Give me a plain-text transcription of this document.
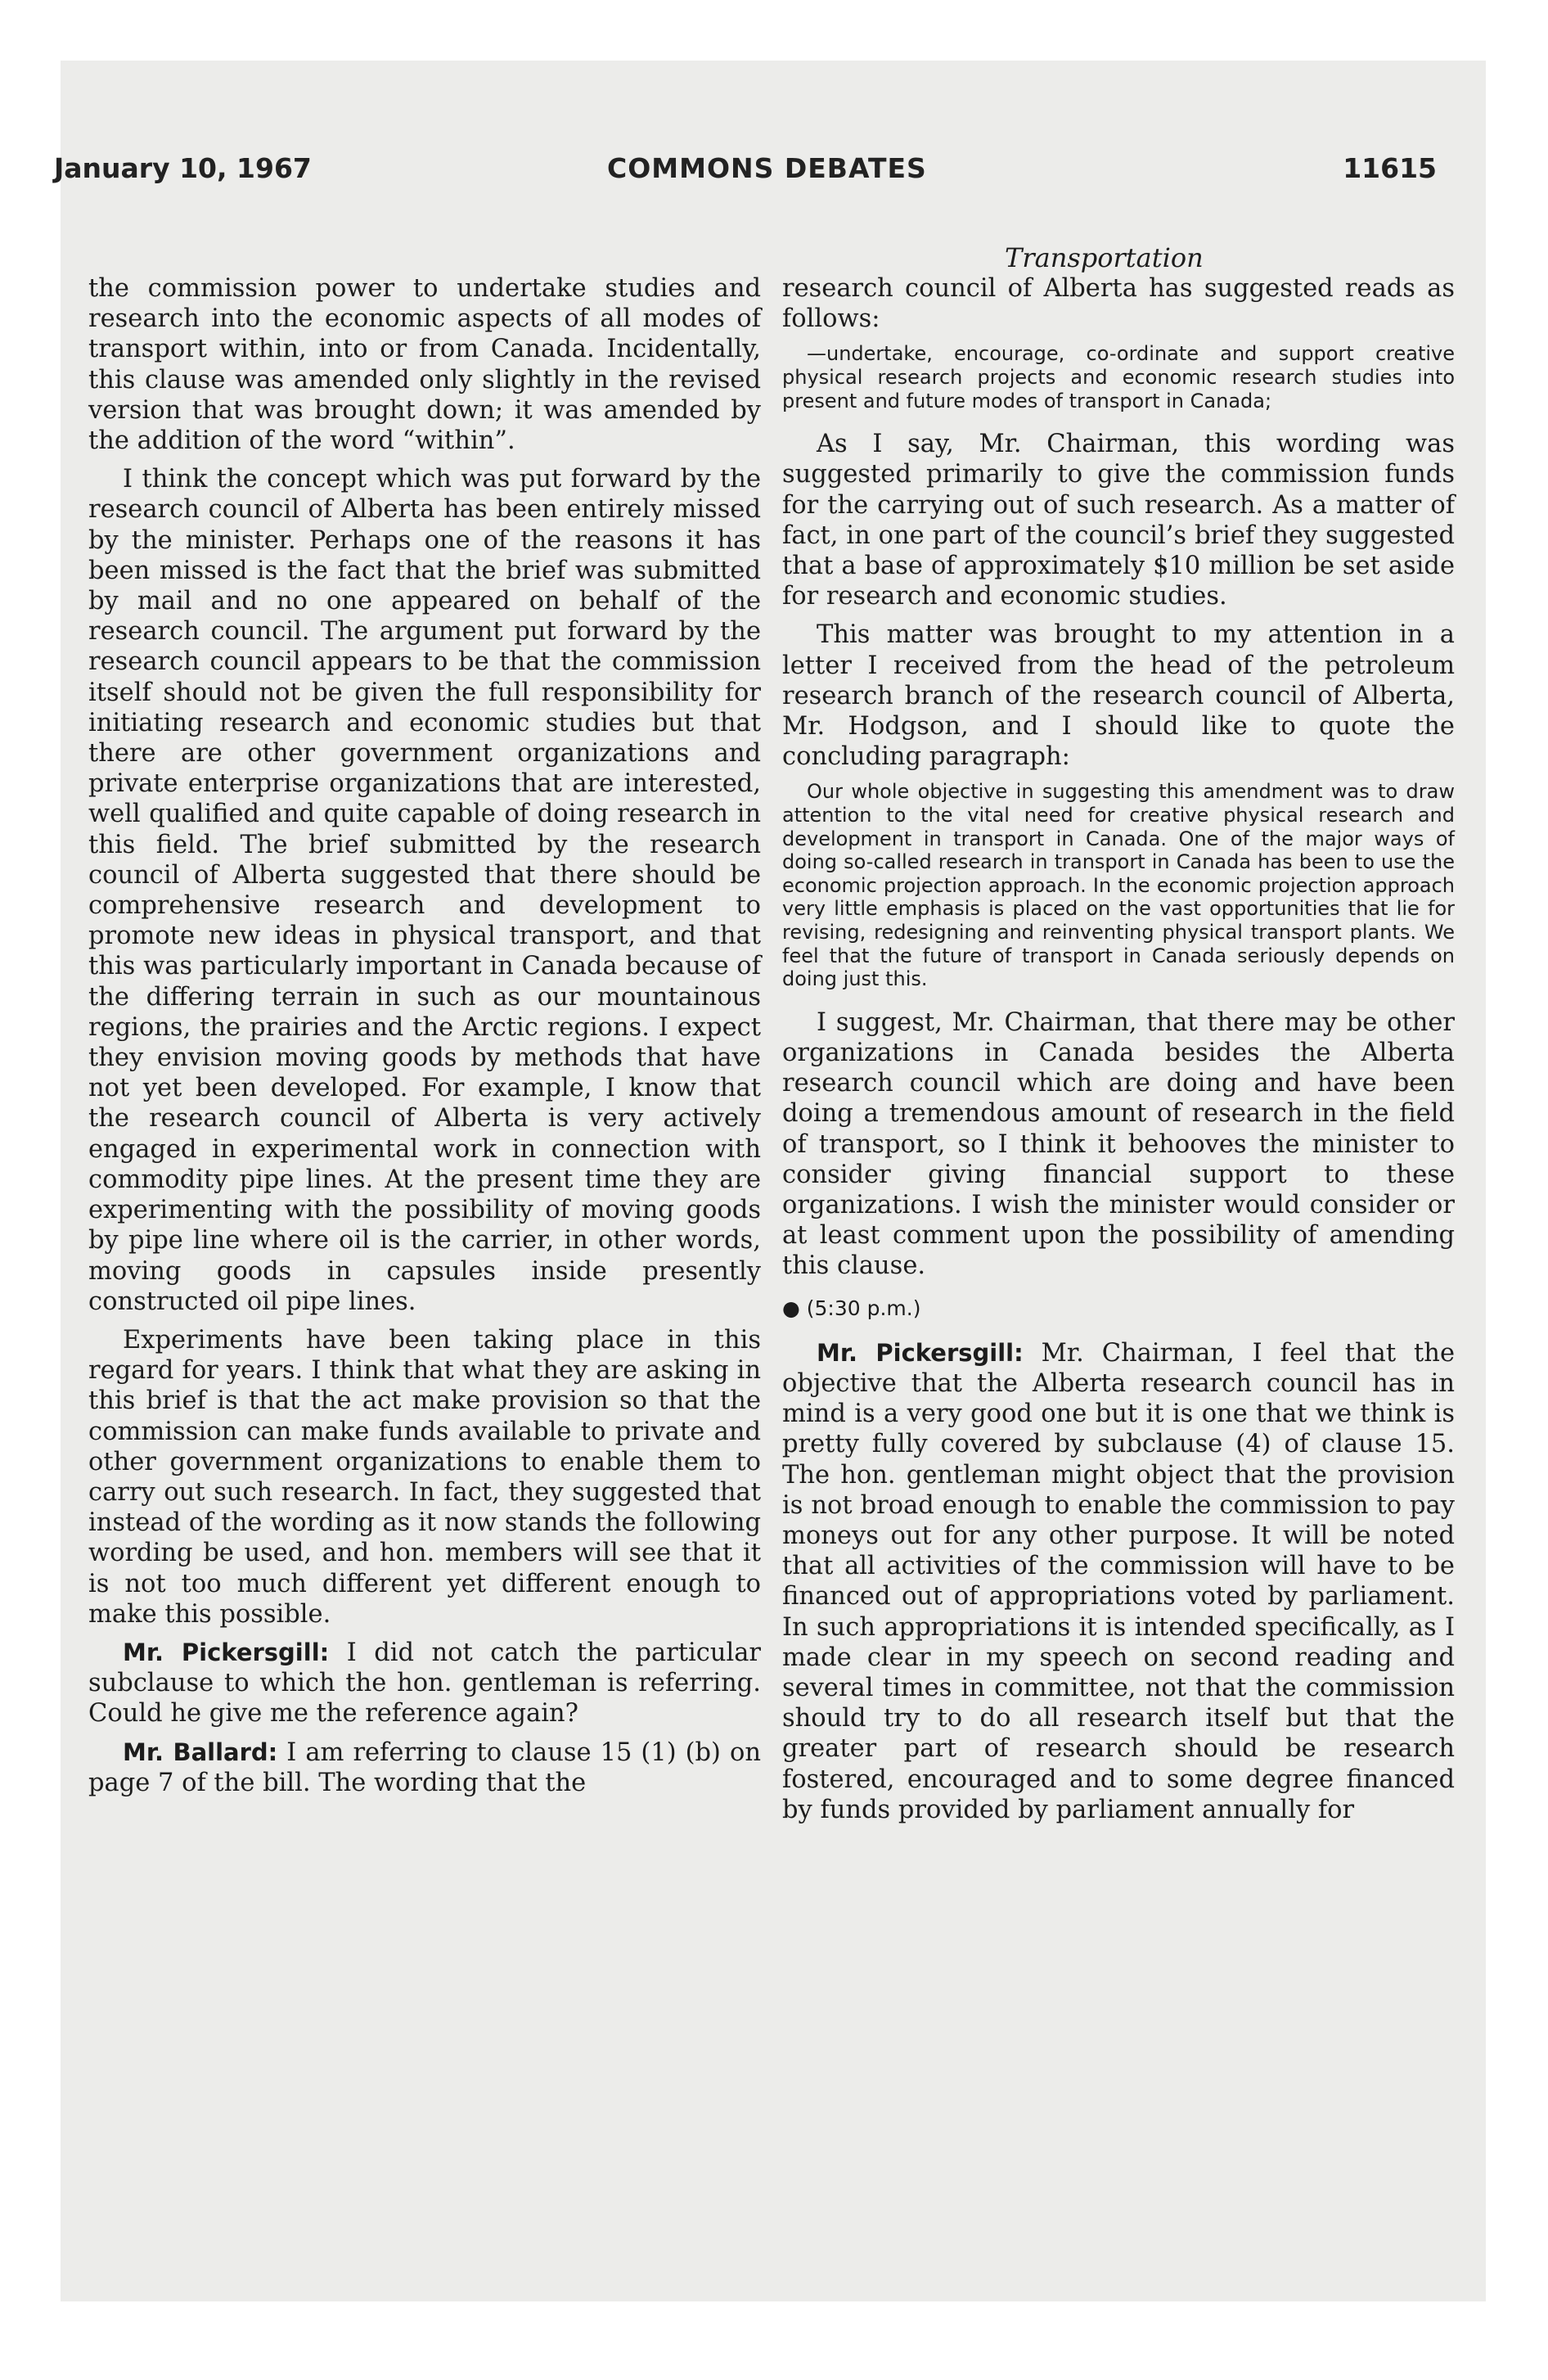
January 10, 1967	COMMONS DEBATES	11615
Transportation

the commission power to undertake studies and research into the economic aspects of all modes of transport within, into or from Canada. Incidentally, this clause was amended only slightly in the revised version that was brought down; it was amended by the addition of the word “within”.

I think the concept which was put forward by the research council of Alberta has been entirely missed by the minister. Perhaps one of the reasons it has been missed is the fact that the brief was submitted by mail and no one appeared on behalf of the research council. The argument put forward by the research council appears to be that the commission itself should not be given the full responsibility for initiating research and economic studies but that there are other government organizations and private enterprise organizations that are interested, well qualified and quite capable of doing research in this field. The brief submitted by the research council of Alberta suggested that there should be comprehensive research and development to promote new ideas in physical transport, and that this was particularly important in Canada because of the differing terrain in such as our mountainous regions, the prairies and the Arctic regions. I expect they envision moving goods by methods that have not yet been developed. For example, I know that the research council of Alberta is very actively engaged in experimental work in connection with commodity pipe lines. At the present time they are experimenting with the possibility of moving goods by pipe line where oil is the carrier, in other words, moving goods in capsules inside presently constructed oil pipe lines.

Experiments have been taking place in this regard for years. I think that what they are asking in this brief is that the act make provision so that the commission can make funds available to private and other government organizations to enable them to carry out such research. In fact, they suggested that instead of the wording as it now stands the following wording be used, and hon. members will see that it is not too much different yet different enough to make this possible.

Mr. Pickersgill: I did not catch the particular subclause to which the hon. gentleman is referring. Could he give me the reference again?

Mr. Ballard: I am referring to clause 15 (1) (b) on page 7 of the bill. The wording that the

research council of Alberta has suggested reads as follows:

—undertake, encourage, co-ordinate and support creative physical research projects and economic research studies into present and future modes of transport in Canada;

As I say, Mr. Chairman, this wording was suggested primarily to give the commission funds for the carrying out of such research. As a matter of fact, in one part of the council’s brief they suggested that a base of approximately $10 million be set aside for research and economic studies.

This matter was brought to my attention in a letter I received from the head of the petroleum research branch of the research council of Alberta, Mr. Hodgson, and I should like to quote the concluding paragraph:

Our whole objective in suggesting this amendment was to draw attention to the vital need for creative physical research and development in transport in Canada. One of the major ways of doing so-called research in transport in Canada has been to use the economic projection approach. In the economic projection approach very little emphasis is placed on the vast opportunities that lie for revising, redesigning and reinventing physical transport plants. We feel that the future of transport in Canada seriously depends on doing just this.

I suggest, Mr. Chairman, that there may be other organizations in Canada besides the Alberta research council which are doing and have been doing a tremendous amount of research in the field of transport, so I think it behooves the minister to consider giving financial support to these organizations. I wish the minister would consider or at least comment upon the possibility of amending this clause.

● (5:30 p.m.)

Mr. Pickersgill: Mr. Chairman, I feel that the objective that the Alberta research council has in mind is a very good one but it is one that we think is pretty fully covered by subclause (4) of clause 15. The hon. gentleman might object that the provision is not broad enough to enable the commission to pay moneys out for any other purpose. It will be noted that all activities of the commission will have to be financed out of appropriations voted by parliament. In such appropriations it is intended specifically, as I made clear in my speech on second reading and several times in committee, not that the commission should try to do all research itself but that the greater part of research should be research fostered, encouraged and to some degree financed by funds provided by parliament annually for
